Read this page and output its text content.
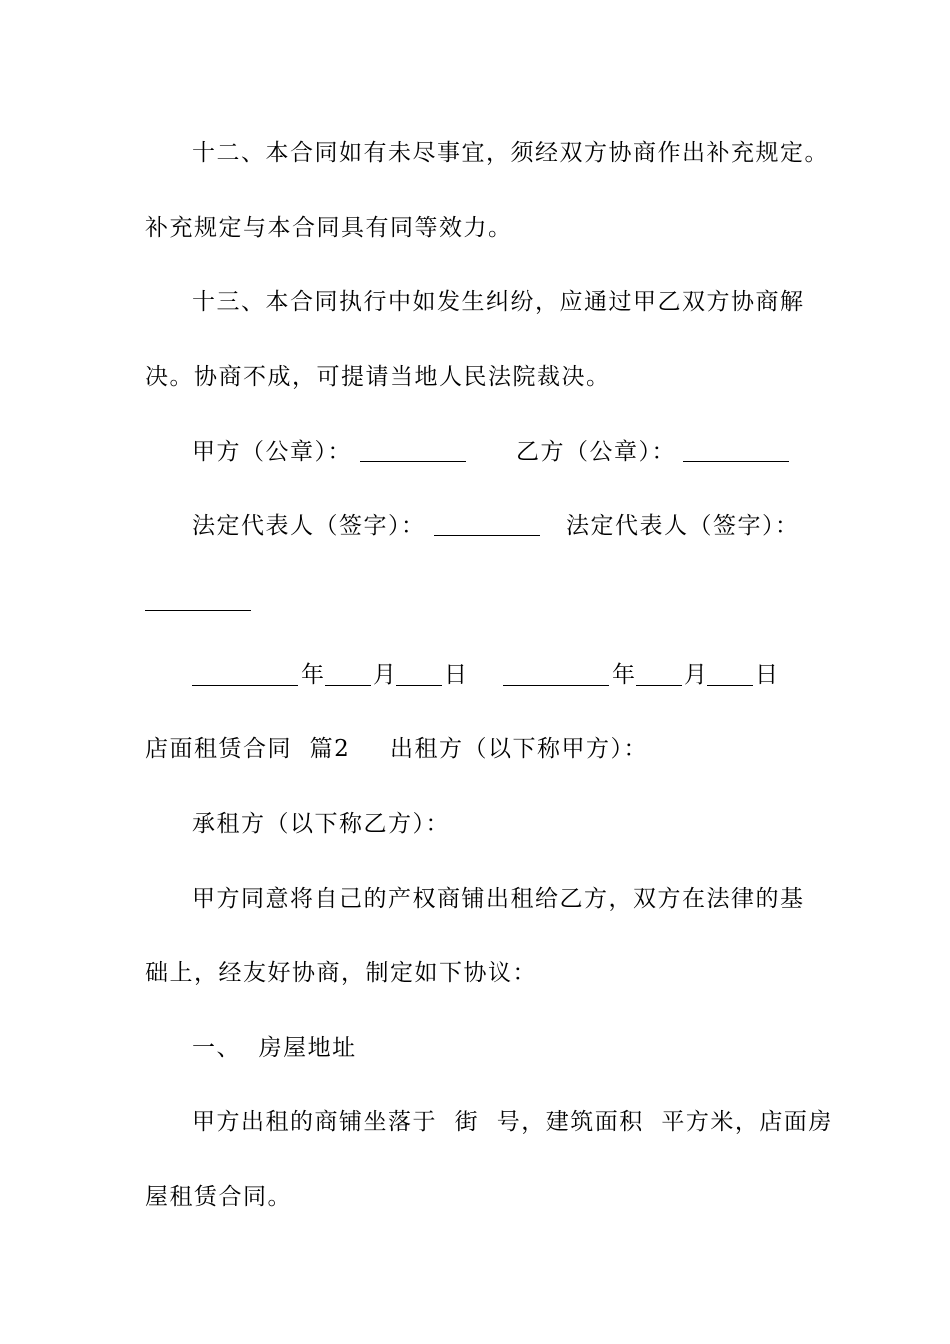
十二、本合同如有未尽事宜，须经双方协商作出补充规定。
补充规定与本合同具有同等效力。
十三、本合同执行中如发生纠纷，应通过甲乙双方协商解
决。协商不成，可提请当地人民法院裁决。
甲方（公章）：	乙方（公章）：
法定代表人（签字）：	法定代表人（签字）：
年 月 日	年 月 日
店面租赁合同  篇2 出租方（以下称甲方）：
承租方（以下称乙方）：
甲方同意将自己的产权商铺出租给乙方，双方在法律的基
础上，经友好协商，制定如下协议：
一、  房屋地址
甲方出租的商铺坐落于  街  号，建筑面积  平方米，店面房
屋租赁合同。
